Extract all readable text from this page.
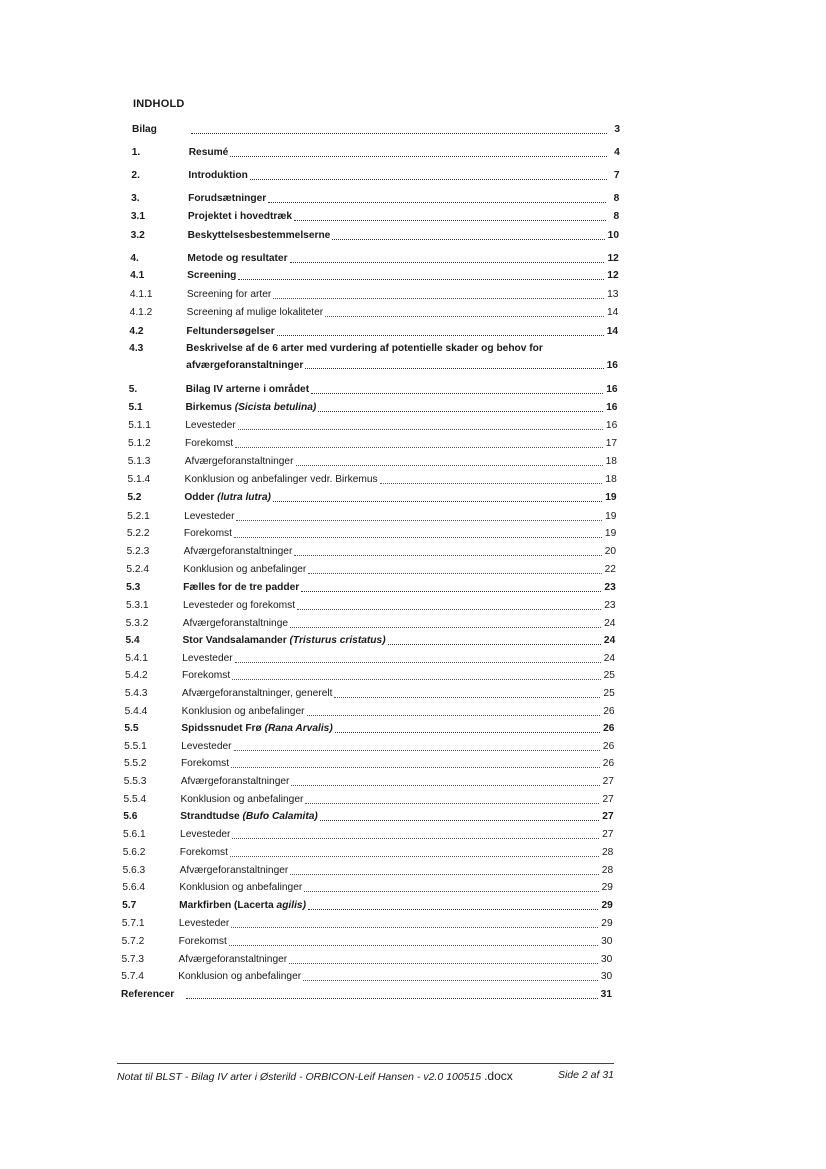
INDHOLD
Bilag	3
1.	Resumé	4
2.	Introduktion	7
3.	Forudsætninger	8
3.1	Projektet i hovedtræk	8
3.2	Beskyttelsesbestemmelserne	10
4.	Metode og resultater	12
4.1	Screening	12
4.1.1	Screening for arter	13
4.1.2	Screening af mulige lokaliteter	14
4.2	Feltundersøgelser	14
4.3	Beskrivelse af de 6 arter med vurdering af potentielle skader og behov for
afværgeforanstaltninger	16
5.	Bilag IV arterne i området	16
5.1	Birkemus (Sicista betulina)	16
5.1.1	Levesteder	16
5.1.2	Forekomst	17
5.1.3	Afværgeforanstaltninger	18
5.1.4	Konklusion og anbefalinger vedr. Birkemus	18
5.2	Odder (lutra lutra)	19
5.2.1	Levesteder	19
5.2.2	Forekomst	19
5.2.3	Afværgeforanstaltninger	20
5.2.4	Konklusion og anbefalinger	22
5.3	Fælles for de tre padder	23
5.3.1	Levesteder og forekomst	23
5.3.2	Afværgeforanstaltninge	24
5.4	Stor Vandsalamander (Tristurus cristatus)	24
5.4.1	Levesteder	24
5.4.2	Forekomst	25
5.4.3	Afværgeforanstaltninger, generelt	25
5.4.4	Konklusion og anbefalinger	26
5.5	Spidssnudet Frø (Rana Arvalis)	26
5.5.1	Levesteder	26
5.5.2	Forekomst	26
5.5.3	Afværgeforanstaltninger	27
5.5.4	Konklusion og anbefalinger	27
5.6	Strandtudse (Bufo Calamita)	27
5.6.1	Levesteder	27
5.6.2	Forekomst	28
5.6.3	Afværgeforanstaltninger	28
5.6.4	Konklusion og anbefalinger	29
5.7	Markfirben (Lacerta agilis)	29
5.7.1	Levesteder	29
5.7.2	Forekomst	30
5.7.3	Afværgeforanstaltninger	30
5.7.4	Konklusion og anbefalinger	30
Referencer	31
Notat til BLST - Bilag IV arter i Østerild - ORBICON-Leif Hansen - v2.0 100515 .docx	Side 2 af 31
